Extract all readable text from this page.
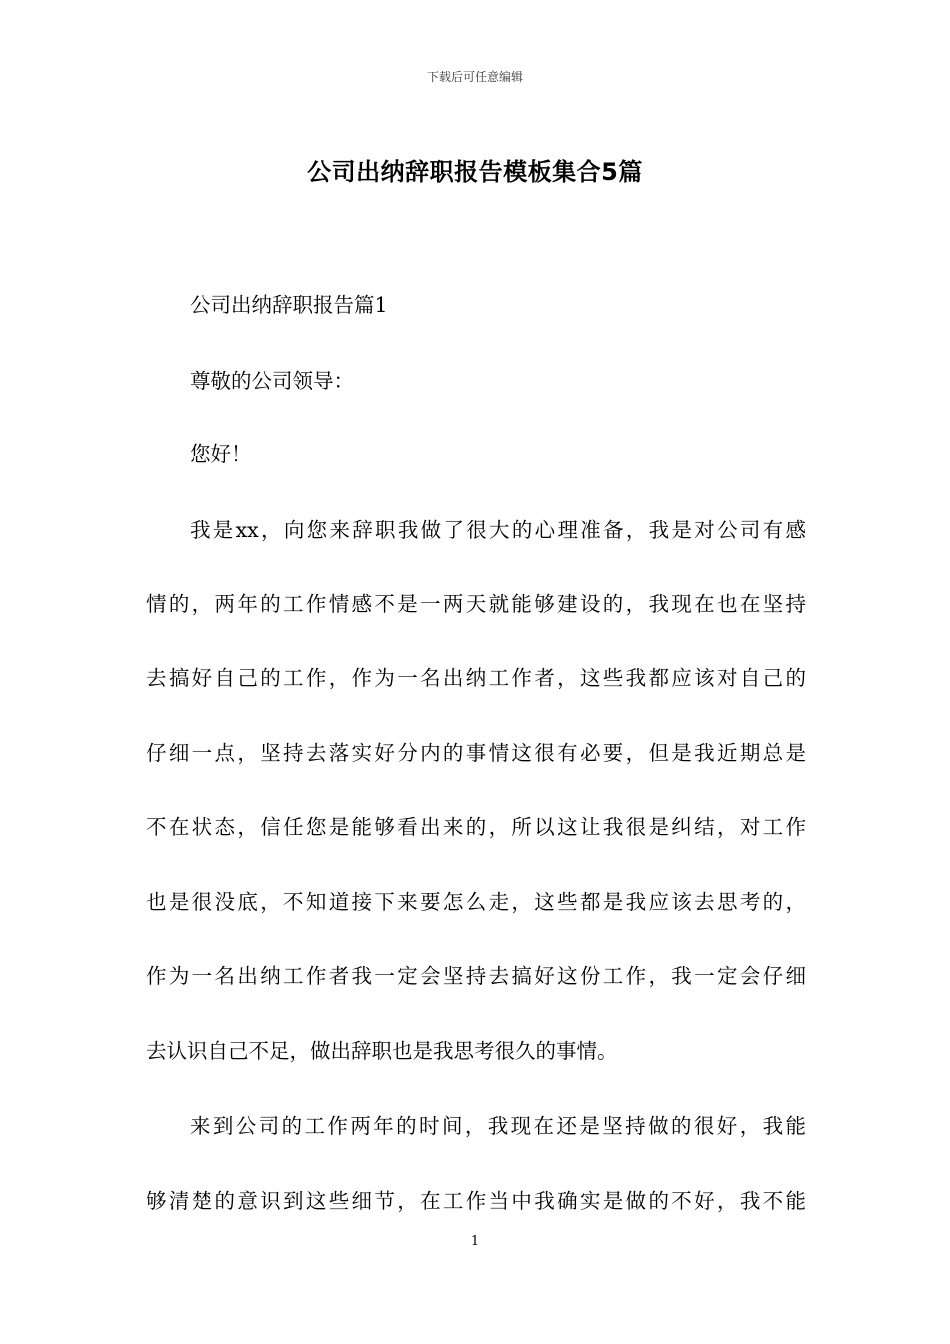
下载后可任意编辑
公司出纳辞职报告模板集合5篇
公司出纳辞职报告篇1
尊敬的公司领导：
您好！
我是xx，向您来辞职我做了很大的心理准备，我是对公司有感
情的，两年的工作情感不是一两天就能够建设的，我现在也在坚持
去搞好自己的工作，作为一名出纳工作者，这些我都应该对自己的
仔细一点，坚持去落实好分内的事情这很有必要，但是我近期总是
不在状态，信任您是能够看出来的，所以这让我很是纠结，对工作
也是很没底，不知道接下来要怎么走，这些都是我应该去思考的，
作为一名出纳工作者我一定会坚持去搞好这份工作，我一定会仔细
去认识自己不足，做出辞职也是我思考很久的事情。
来到公司的工作两年的时间，我现在还是坚持做的很好，我能
够清楚的意识到这些细节，在工作当中我确实是做的不好，我不能
1
